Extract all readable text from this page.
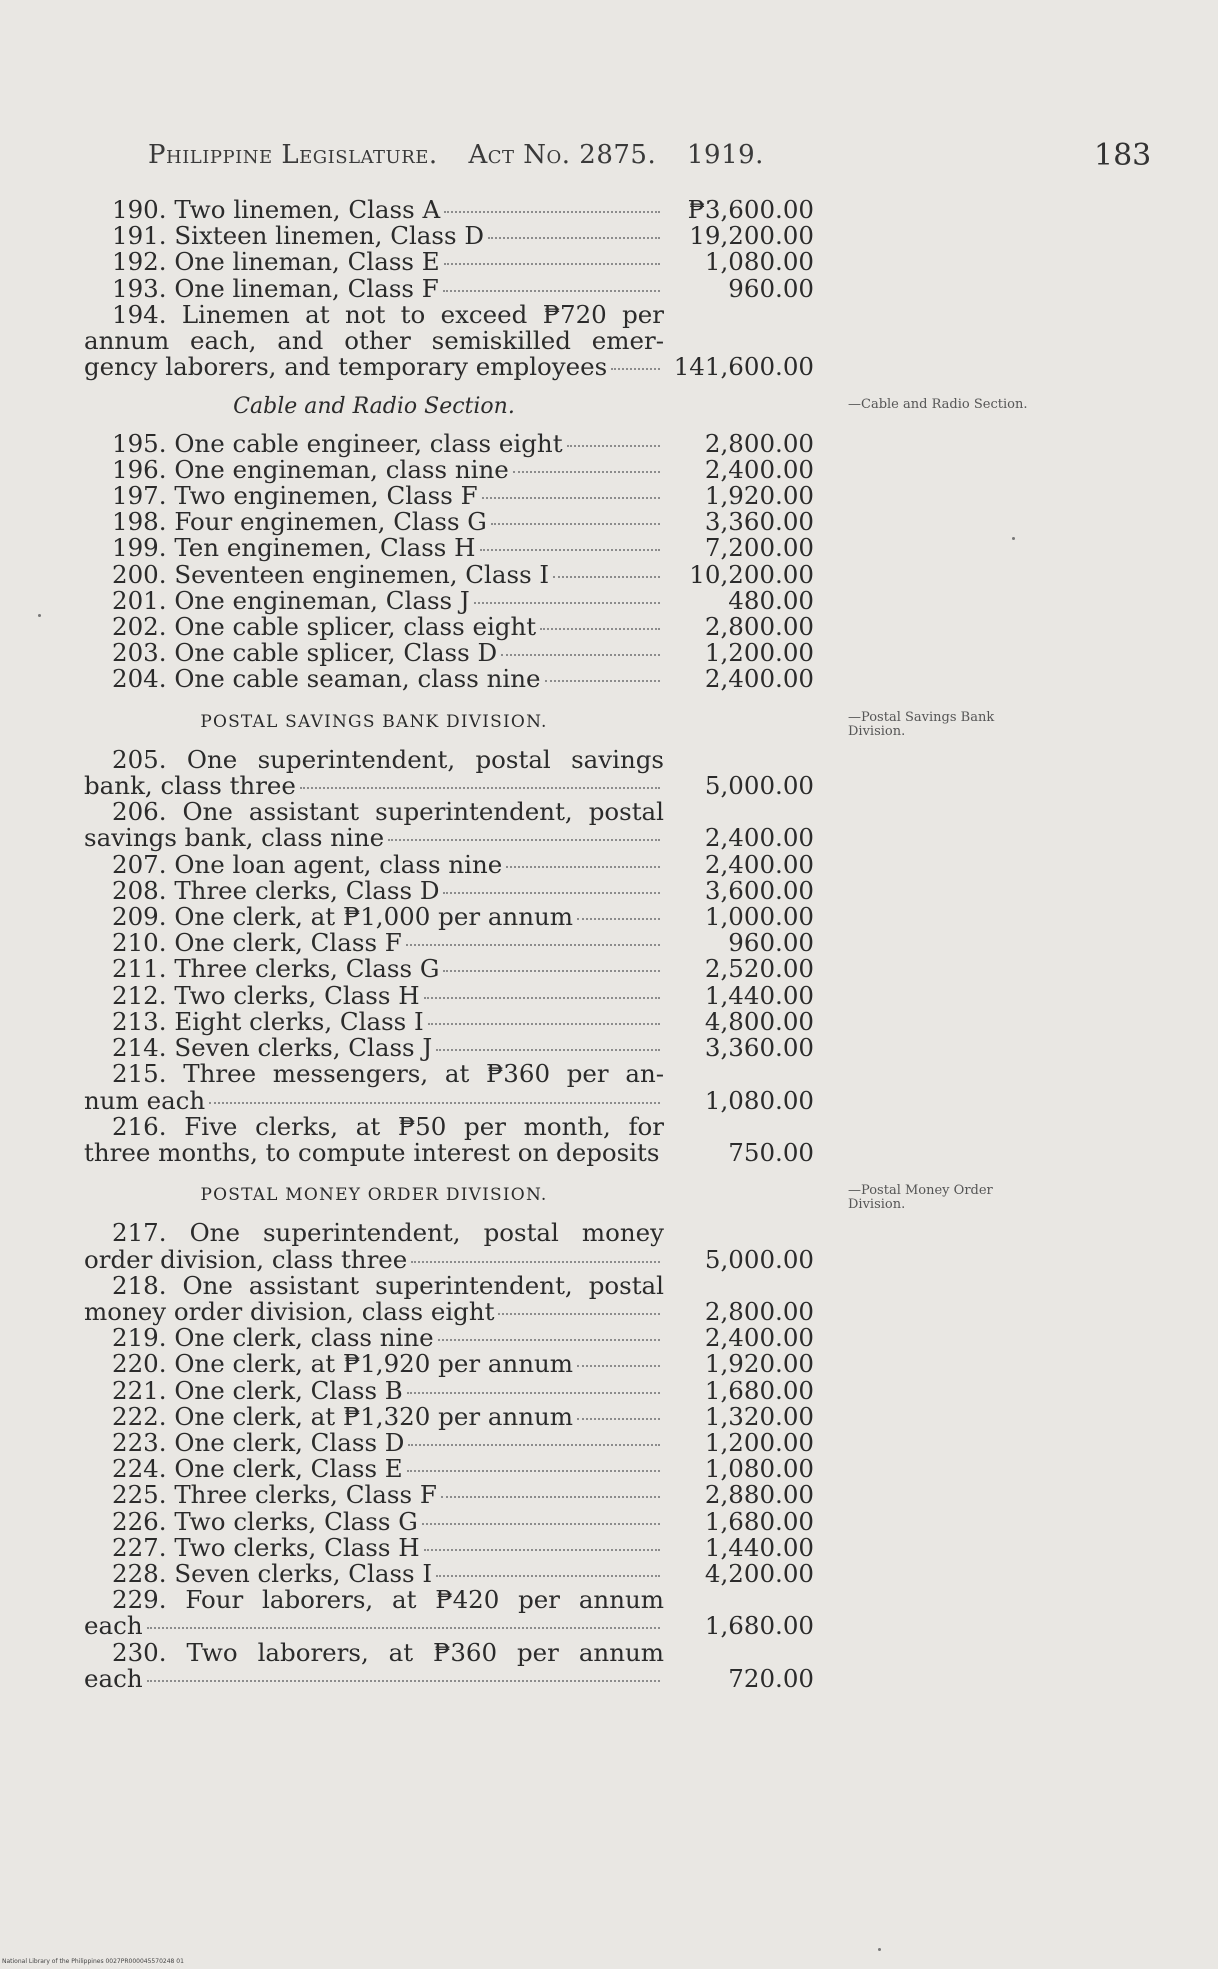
Philippine Legislature. Act No. 2875. 1919.	183
190. Two linemen, Class A	₱3,600.00
191. Sixteen linemen, Class D	19,200.00
192. One lineman, Class E	1,080.00
193. One lineman, Class F	960.00
194. Linemen at not to exceed ₱720 per
annum each, and other semiskilled emer-
gency laborers, and temporary employees	141,600.00
Cable and Radio Section.
195. One cable engineer, class eight	2,800.00
196. One engineman, class nine	2,400.00
197. Two enginemen, Class F	1,920.00
198. Four enginemen, Class G	3,360.00
199. Ten enginemen, Class H	7,200.00
200. Seventeen enginemen, Class I	10,200.00
201. One engineman, Class J	480.00
202. One cable splicer, class eight	2,800.00
203. One cable splicer, Class D	1,200.00
204. One cable seaman, class nine	2,400.00
POSTAL SAVINGS BANK DIVISION.
205. One superintendent, postal savings
bank, class three	5,000.00
206. One assistant superintendent, postal
savings bank, class nine	2,400.00
207. One loan agent, class nine	2,400.00
208. Three clerks, Class D	3,600.00
209. One clerk, at ₱1,000 per annum	1,000.00
210. One clerk, Class F	960.00
211. Three clerks, Class G	2,520.00
212. Two clerks, Class H	1,440.00
213. Eight clerks, Class I	4,800.00
214. Seven clerks, Class J	3,360.00
215. Three messengers, at ₱360 per an-
num each	1,080.00
216. Five clerks, at ₱50 per month, for
three months, to compute interest on deposits	750.00
POSTAL MONEY ORDER DIVISION.
217. One superintendent, postal money
order division, class three	5,000.00
218. One assistant superintendent, postal
money order division, class eight	2,800.00
219. One clerk, class nine	2,400.00
220. One clerk, at ₱1,920 per annum	1,920.00
221. One clerk, Class B	1,680.00
222. One clerk, at ₱1,320 per annum	1,320.00
223. One clerk, Class D	1,200.00
224. One clerk, Class E	1,080.00
225. Three clerks, Class F	2,880.00
226. Two clerks, Class G	1,680.00
227. Two clerks, Class H	1,440.00
228. Seven clerks, Class I	4,200.00
229. Four laborers, at ₱420 per annum
each	1,680.00
230. Two laborers, at ₱360 per annum
each	720.00
—Cable and Radio Section.
—Postal Savings Bank Division.
—Postal Money Order Division.
National Library of the Philippines 0027PR000045570248 01
